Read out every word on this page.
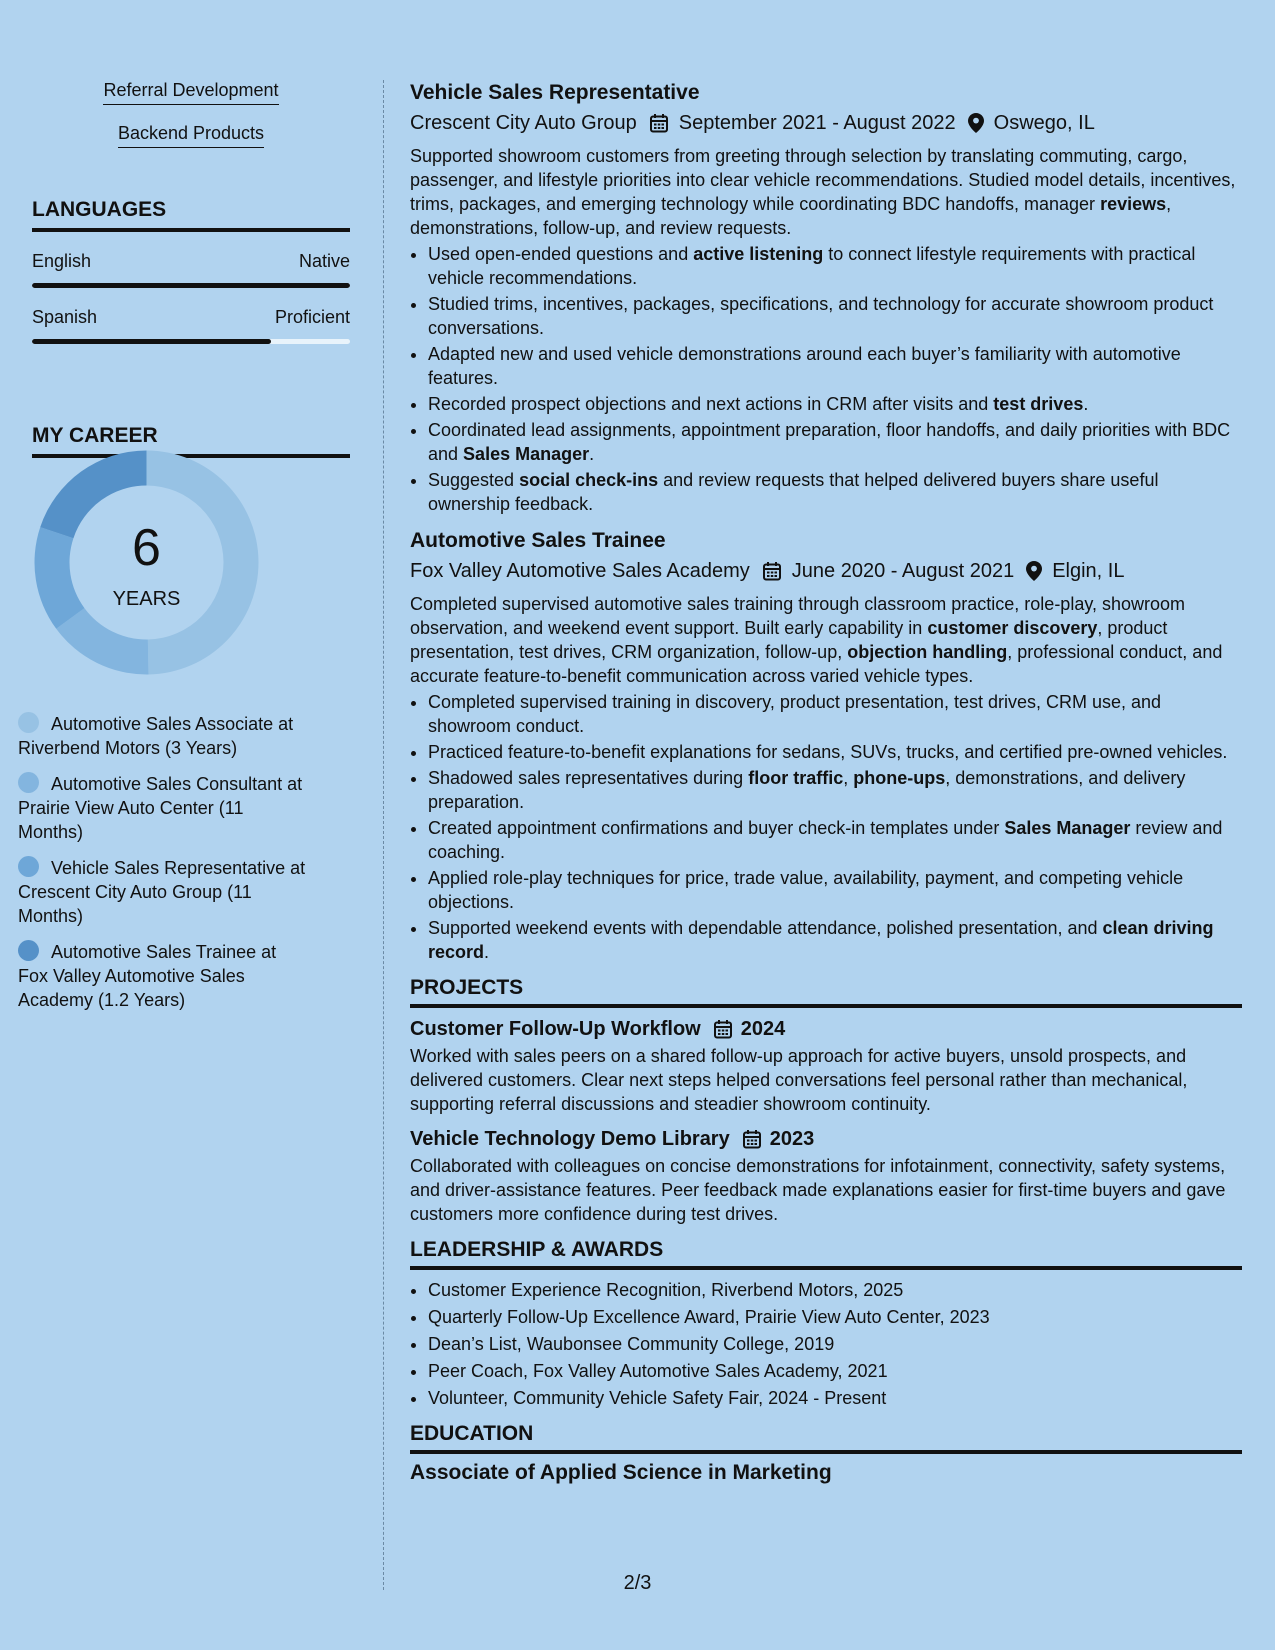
Referral Development
Backend Products
LANGUAGES
English	Native
Spanish	Proficient
MY CAREER
6
YEARS
Automotive Sales Associate at Riverbend Motors (3 Years)
Automotive Sales Consultant at Prairie View Auto Center (11 Months)
Vehicle Sales Representative at Crescent City Auto Group (11 Months)
Automotive Sales Trainee at Fox Valley Automotive Sales Academy (1.2 Years)
Vehicle Sales Representative
Crescent City Auto Group September 2021 - August 2022 Oswego, IL
Supported showroom customers from greeting through selection by translating commuting, cargo, passenger, and lifestyle priorities into clear vehicle recommendations. Studied model details, incentives, trims, packages, and emerging technology while coordinating BDC handoffs, manager reviews, demonstrations, follow-up, and review requests.
• Used open-ended questions and active listening to connect lifestyle requirements with practical vehicle recommendations.
• Studied trims, incentives, packages, specifications, and technology for accurate showroom product conversations.
• Adapted new and used vehicle demonstrations around each buyer’s familiarity with automotive features.
• Recorded prospect objections and next actions in CRM after visits and test drives.
• Coordinated lead assignments, appointment preparation, floor handoffs, and daily priorities with BDC and Sales Manager.
• Suggested social check-ins and review requests that helped delivered buyers share useful ownership feedback.
Automotive Sales Trainee
Fox Valley Automotive Sales Academy June 2020 - August 2021 Elgin, IL
Completed supervised automotive sales training through classroom practice, role-play, showroom observation, and weekend event support. Built early capability in customer discovery, product presentation, test drives, CRM organization, follow-up, objection handling, professional conduct, and accurate feature-to-benefit communication across varied vehicle types.
• Completed supervised training in discovery, product presentation, test drives, CRM use, and showroom conduct.
• Practiced feature-to-benefit explanations for sedans, SUVs, trucks, and certified pre-owned vehicles.
• Shadowed sales representatives during floor traffic, phone-ups, demonstrations, and delivery preparation.
• Created appointment confirmations and buyer check-in templates under Sales Manager review and coaching.
• Applied role-play techniques for price, trade value, availability, payment, and competing vehicle objections.
• Supported weekend events with dependable attendance, polished presentation, and clean driving record.
PROJECTS
Customer Follow-Up Workflow 2024
Worked with sales peers on a shared follow-up approach for active buyers, unsold prospects, and delivered customers. Clear next steps helped conversations feel personal rather than mechanical, supporting referral discussions and steadier showroom continuity.
Vehicle Technology Demo Library 2023
Collaborated with colleagues on concise demonstrations for infotainment, connectivity, safety systems, and driver-assistance features. Peer feedback made explanations easier for first-time buyers and gave customers more confidence during test drives.
LEADERSHIP & AWARDS
• Customer Experience Recognition, Riverbend Motors, 2025
• Quarterly Follow-Up Excellence Award, Prairie View Auto Center, 2023
• Dean’s List, Waubonsee Community College, 2019
• Peer Coach, Fox Valley Automotive Sales Academy, 2021
• Volunteer, Community Vehicle Safety Fair, 2024 - Present
EDUCATION
Associate of Applied Science in Marketing
2/3
